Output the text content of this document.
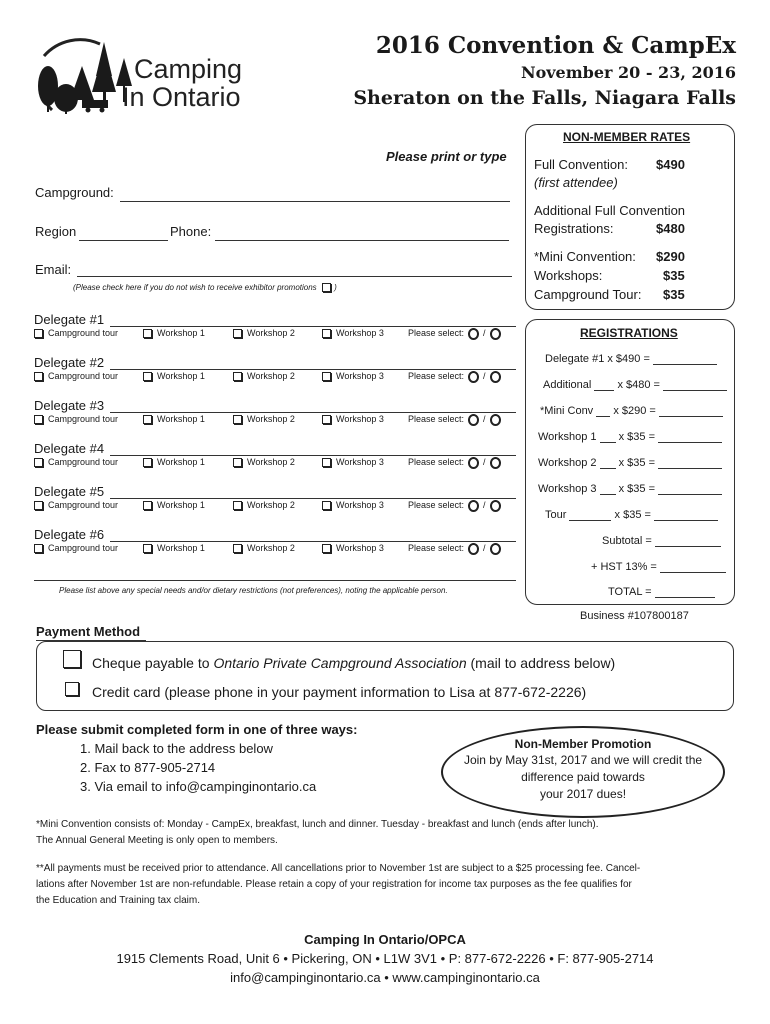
Camping
In Ontario
2016 Convention & CampEx
November 20 - 23, 2016
Sheraton on the Falls, Niagara Falls
Please print or type
Campground:
Region	Phone:
Email:
(Please check here if you do not wish to receive exhibitor promotions )
Delegate #1
Campground tour	Workshop 1	Workshop 2	Workshop 3	Please select: /
Delegate #2
Campground tour	Workshop 1	Workshop 2	Workshop 3	Please select: /
Delegate #3
Campground tour	Workshop 1	Workshop 2	Workshop 3	Please select: /
Delegate #4
Campground tour	Workshop 1	Workshop 2	Workshop 3	Please select: /
Delegate #5
Campground tour	Workshop 1	Workshop 2	Workshop 3	Please select: /
Delegate #6
Campground tour	Workshop 1	Workshop 2	Workshop 3	Please select: /
Please list above any special needs and/or dietary restrictions (not preferences), noting the applicable person.
NON-MEMBER RATES
Full Convention: $490
(first attendee)
Additional Full Convention
Registrations:	$480
*Mini Convention: $290
Workshops:	$35
Campground Tour: $35
REGISTRATIONS
Delegate #1 x $490 =
Additional x $480 =
*Mini Conv x $290 =
Workshop 1 x $35 =
Workshop 2 x $35 =
Workshop 3 x $35 =
Tour	x $35 =
Subtotal =
+ HST 13% =
TOTAL =
Business #107800187
Payment Method
Cheque payable to Ontario Private Campground Association (mail to address below)
Credit card (please phone in your payment information to Lisa at 877-672-2226)
Please submit completed form in one of three ways:
1. Mail back to the address below
2. Fax to 877-905-2714
3. Via email to info@campinginontario.ca
Non-Member Promotion
Join by May 31st, 2017 and we will credit the
difference paid towards
your 2017 dues!
*Mini Convention consists of: Monday - CampEx, breakfast, lunch and dinner. Tuesday - breakfast and lunch (ends after lunch).
The Annual General Meeting is only open to members.
**All payments must be received prior to attendance. All cancellations prior to November 1st are subject to a $25 processing fee. Cancel-
lations after November 1st are non-refundable. Please retain a copy of your registration for income tax purposes as the fee qualifies for
the Education and Training tax claim.
Camping In Ontario/OPCA
1915 Clements Road, Unit 6 • Pickering, ON • L1W 3V1 • P: 877-672-2226 • F: 877-905-2714
info@campinginontario.ca • www.campinginontario.ca
